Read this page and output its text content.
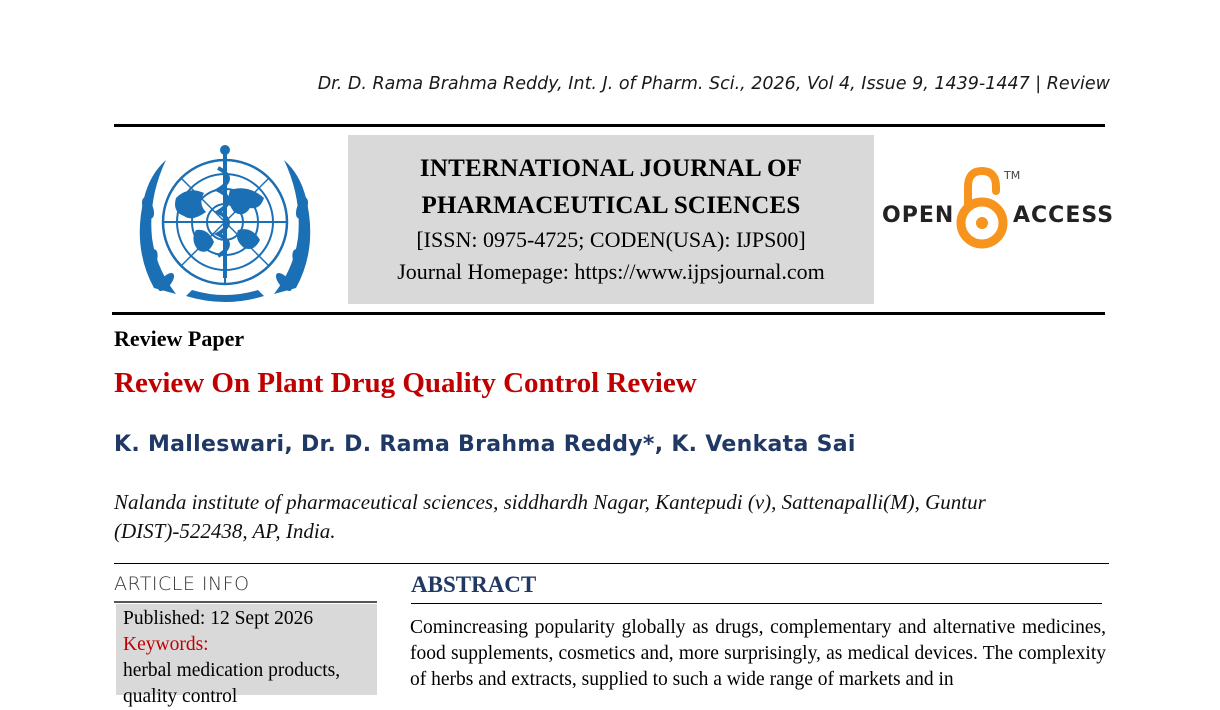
Dr. D. Rama Brahma Reddy, Int. J. of Pharm. Sci., 2026, Vol 4, Issue 9, 1439-1447 | Review
INTERNATIONAL JOURNAL OF
PHARMACEUTICAL SCIENCES
[ISSN: 0975-4725; CODEN(USA): IJPS00]
Journal Homepage: https://www.ijpsjournal.com
OPEN
TM
ACCESS
Review Paper
Review On Plant Drug Quality Control Review
K. Malleswari, Dr. D. Rama Brahma Reddy*, K. Venkata Sai
Nalanda institute of pharmaceutical sciences, siddhardh Nagar, Kantepudi (v), Sattenapalli(M), Guntur (DIST)-522438, AP, India.
ARTICLE INFO
Published: 12 Sept 2026
Keywords:
herbal medication products, quality control
ABSTRACT
Comincreasing popularity globally as drugs, complementary and alternative medicines, food supplements, cosmetics and, more surprisingly, as medical devices. The complexity of herbs and extracts, supplied to such a wide range of markets and in
